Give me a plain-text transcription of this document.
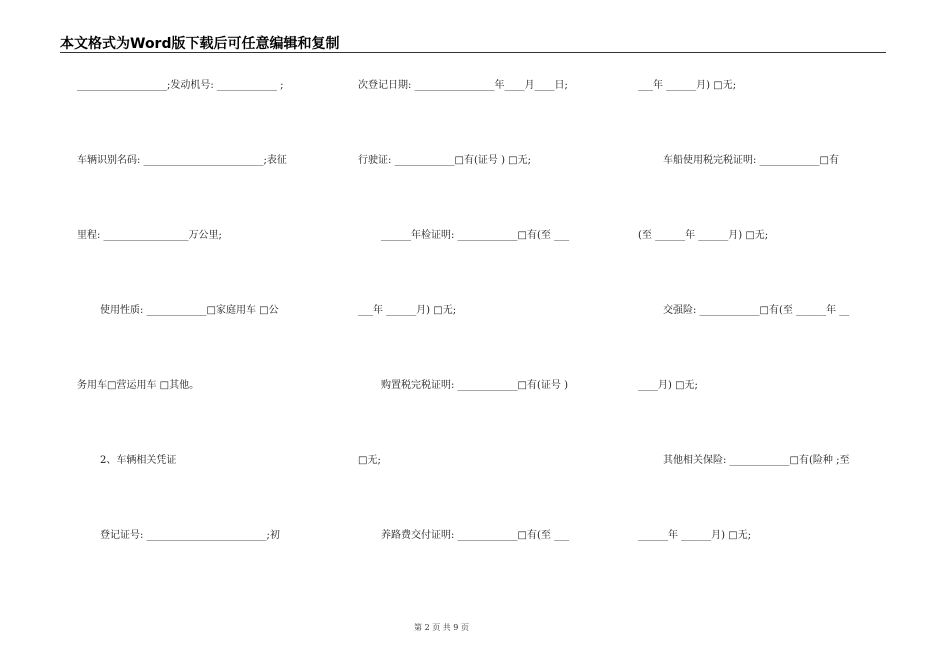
本文格式为Word版下载后可任意编辑和复制
__________________;发动机号: ____________ ;
车辆识别名码: ________________________;表征
里程: _________________万公里;
使用性质: ____________□家庭用车 □公
务用车□营运用车 □其他。
2、车辆相关凭证
登记证号: ________________________;初
次登记日期: ________________年____月____日;
行驶证: ____________□有(证号 ) □无;
______年检证明: ____________□有(至 ___
___年 ______月) □无;
购置税完税证明: ____________□有(证号 )
□无;
养路费交付证明: ____________□有(至 ___
___年 ______月) □无;
车船使用税完税证明: ____________□有
(至 ______年 ______月) □无;
交强险: ____________□有(至 ______年 __
____月) □无;
其他相关保险: ____________□有(险种 ;至
______年 ______月) □无;
第 2 页 共 9 页
